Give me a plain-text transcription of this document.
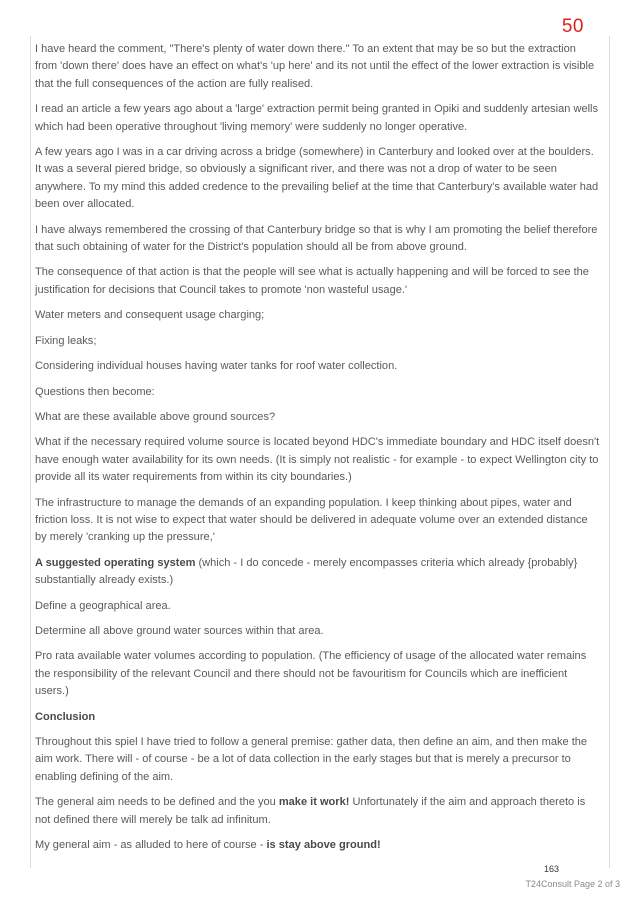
50

I have heard the comment, "There's plenty of water down there." To an extent that may be so but the extraction from 'down there' does have an effect on what's 'up here' and its not until the effect of the lower extraction is visible that the full consequences of the action are fully realised.

I read an article a few years ago about a 'large' extraction permit being granted in Opiki and suddenly artesian wells which had been operative throughout 'living memory' were suddenly no longer operative.

A few years ago I was in a car driving across a bridge (somewhere) in Canterbury and looked over at the boulders. It was a several piered bridge, so obviously a significant river, and there was not a drop of water to be seen anywhere. To my mind this added credence to the prevailing belief at the time that Canterbury's available water had been over allocated.

I have always remembered the crossing of that Canterbury bridge so that is why I am promoting the belief therefore that such obtaining of water for the District's population should all be from above ground.

The consequence of that action is that the people will see what is actually happening and will be forced to see the justification for decisions that Council takes to promote 'non wasteful usage.'

Water meters and consequent usage charging;

Fixing leaks;

Considering individual houses having water tanks for roof water collection.

Questions then become:

What are these available above ground sources?

What if the necessary required volume source is located beyond HDC's immediate boundary and HDC itself doesn't have enough water availability for its own needs. (It is simply not realistic - for example - to expect Wellington city to provide all its water requirements from within its city boundaries.)

The infrastructure to manage the demands of an expanding population. I keep thinking about pipes, water and friction loss. It is not wise to expect that water should be delivered in adequate volume over an extended distance by merely 'cranking up the pressure,'

A suggested operating system (which - I do concede - merely encompasses criteria which already {probably} substantially already exists.)

Define a geographical area.

Determine all above ground water sources within that area.

Pro rata available water volumes according to population. (The efficiency of usage of the allocated water remains the responsibility of the relevant Council and there should not be favouritism for Councils which are inefficient users.)

Conclusion

Throughout this spiel I have tried to follow a general premise: gather data, then define an aim, and then make the aim work. There will - of course - be a lot of data collection in the early stages but that is merely a precursor to enabling defining of the aim.

The general aim needs to be defined and the you make it work! Unfortunately if the aim and approach thereto is not defined there will merely be talk ad infinitum.

My general aim - as alluded to here of course - is stay above ground!

163
T24Consult Page 2 of 3
